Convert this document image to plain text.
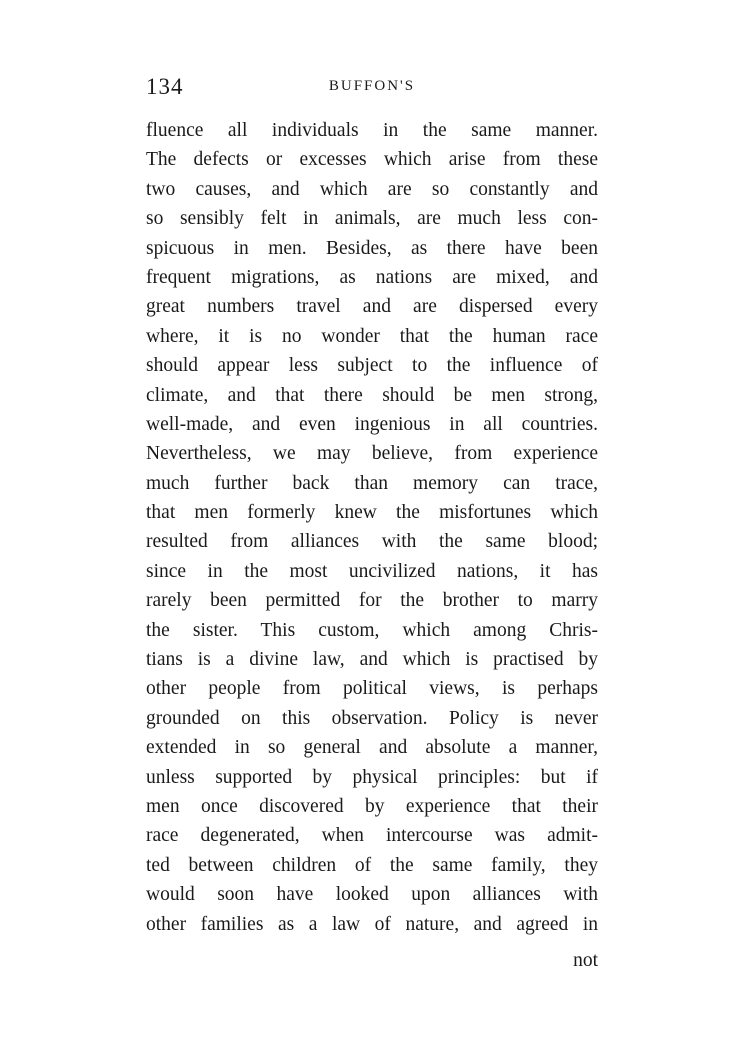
134	BUFFON'S
fluence all individuals in the same manner.
The defects or excesses which arise from these
two causes, and which are so constantly and
so sensibly felt in animals, are much less con-
spicuous in men. Besides, as there have been
frequent migrations, as nations are mixed, and
great numbers travel and are dispersed every
where, it is no wonder that the human race
should appear less subject to the influence of
climate, and that there should be men strong,
well-made, and even ingenious in all countries.
Nevertheless, we may believe, from experience
much further back than memory can trace,
that men formerly knew the misfortunes which
resulted from alliances with the same blood;
since in the most uncivilized nations, it has
rarely been permitted for the brother to marry
the sister. This custom, which among Chris-
tians is a divine law, and which is practised by
other people from political views, is perhaps
grounded on this observation. Policy is never
extended in so general and absolute a manner,
unless supported by physical principles: but if
men once discovered by experience that their
race degenerated, when intercourse was admit-
ted between children of the same family, they
would soon have looked upon alliances with
other families as a law of nature, and agreed in
not
